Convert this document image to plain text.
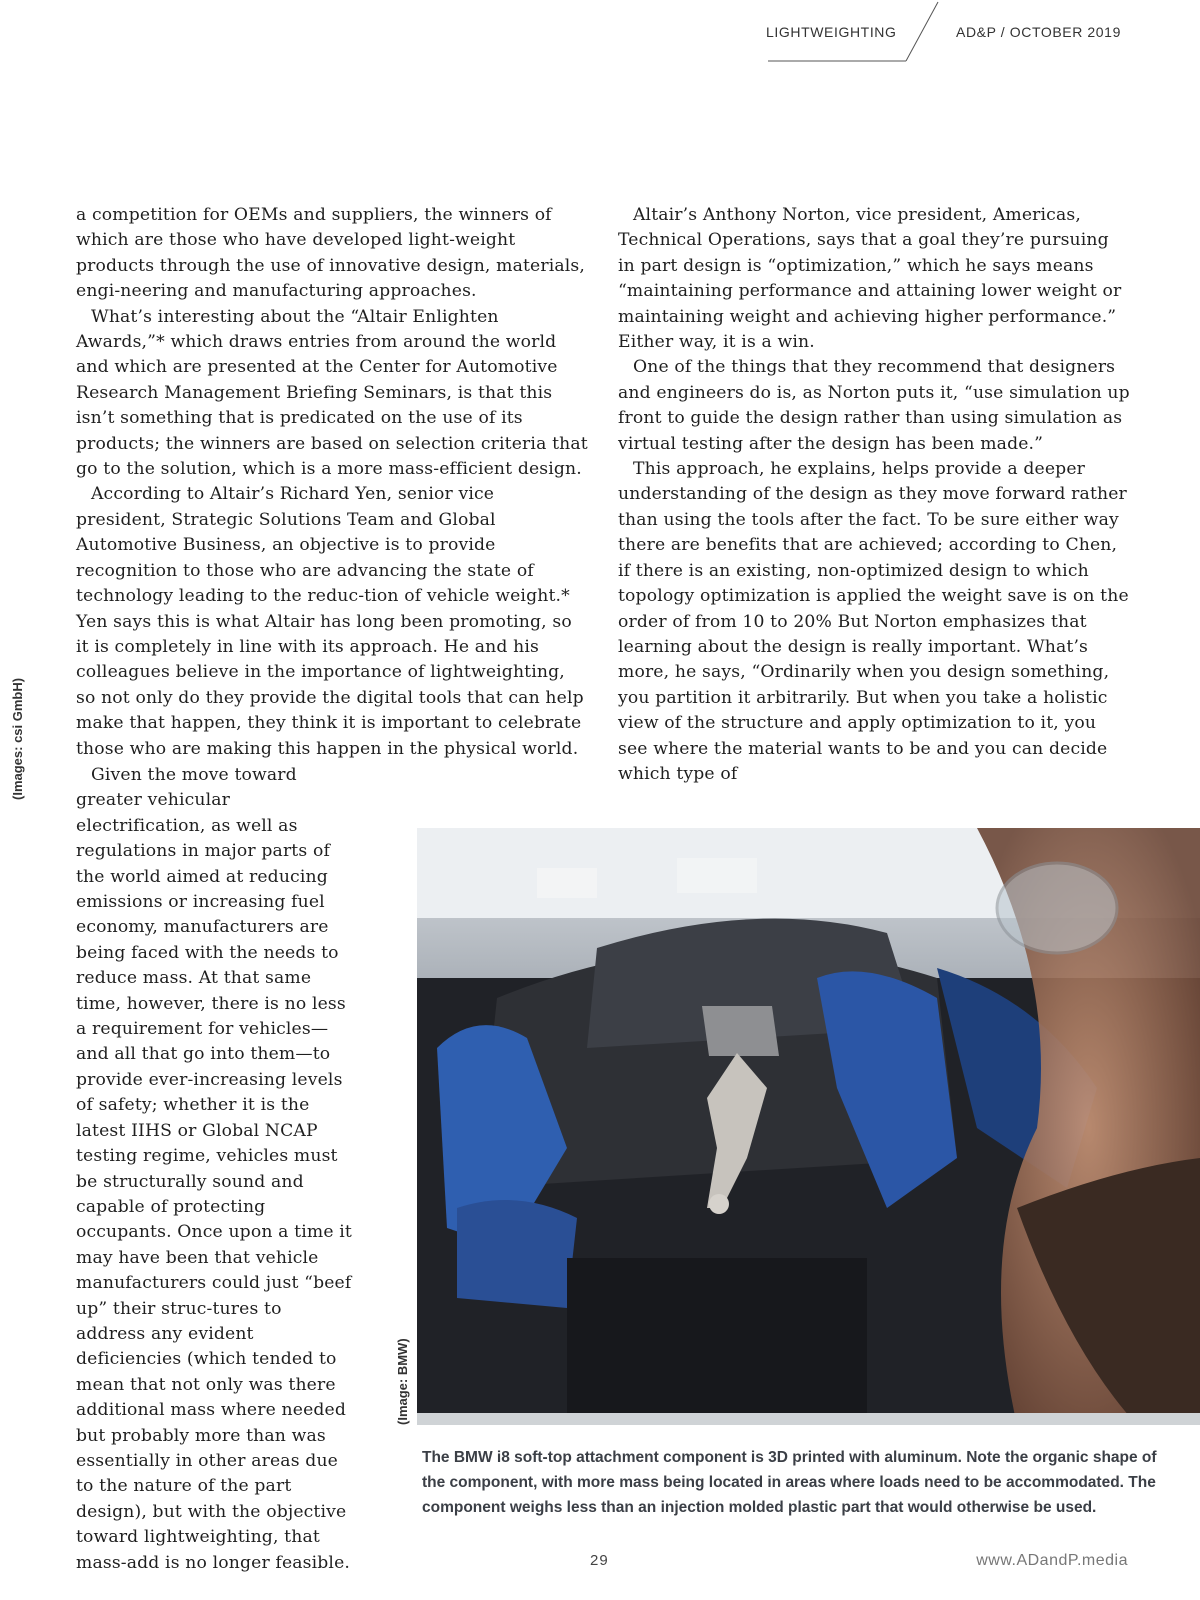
LIGHTWEIGHTING	AD&P / OCTOBER 2019
(Images: csi GmbH)

a competition for OEMs and suppliers, the winners of which are those who have developed light-weight products through the use of innovative design, materials, engi-neering and manufacturing approaches.

What’s interesting about the “Altair Enlighten Awards,”* which draws entries from around the world and which are presented at the Center for Automotive Research Management Briefing Seminars, is that this isn’t something that is predicated on the use of its products; the winners are based on selection criteria that go to the solution, which is a more mass-efficient design.

According to Altair’s Richard Yen, senior vice president, Strategic Solutions Team and Global Automotive Business, an objective is to provide recognition to those who are advancing the state of technology leading to the reduc-tion of vehicle weight.* Yen says this is what Altair has long been promoting, so it is completely in line with its approach. He and his colleagues believe in the importance of lightweighting, so not only do they provide the digital tools that can help make that happen, they think it is important to celebrate those who are making this happen in the physical world.

Given the move toward greater vehicular electrification, as well as regulations in major parts of the world aimed at reducing emissions or increasing fuel economy, manufacturers are being faced with the needs to reduce mass. At that same time, however, there is no less a requirement for vehicles—and all that go into them—to provide ever-increasing levels of safety; whether it is the latest IIHS or Global NCAP testing regime, vehicles must be structurally sound and capable of protecting occupants. Once upon a time it may have been that vehicle manufacturers could just “beef up” their struc-tures to address any evident deficiencies (which tended to mean that not only was there additional mass where needed but probably more than was essentially in other areas due to the nature of the part design), but with the objective toward lightweighting, that mass-add is no longer feasible.

Altair’s Anthony Norton, vice president, Americas, Technical Operations, says that a goal they’re pursuing in part design is “optimization,” which he says means “maintaining performance and attaining lower weight or maintaining weight and achieving higher performance.” Either way, it is a win.

One of the things that they recommend that designers and engineers do is, as Norton puts it, “use simulation up front to guide the design rather than using simulation as virtual testing after the design has been made.”

This approach, he explains, helps provide a deeper understanding of the design as they move forward rather than using the tools after the fact. To be sure either way there are benefits that are achieved; according to Chen, if there is an existing, non-optimized design to which topology optimization is applied the weight save is on the order of from 10 to 20% But Norton emphasizes that learning about the design is really important. What’s more, he says, “Ordinarily when you design something, you partition it arbitrarily. But when you take a holistic view of the structure and apply optimization to it, you see where the material wants to be and you can decide which type of

(Image: BMW)
The BMW i8 soft-top attachment component is 3D printed with aluminum. Note the organic shape of the component, with more mass being located in areas where loads need to be accommodated. The component weighs less than an injection molded plastic part that would otherwise be used.
29	www.ADandP.media
